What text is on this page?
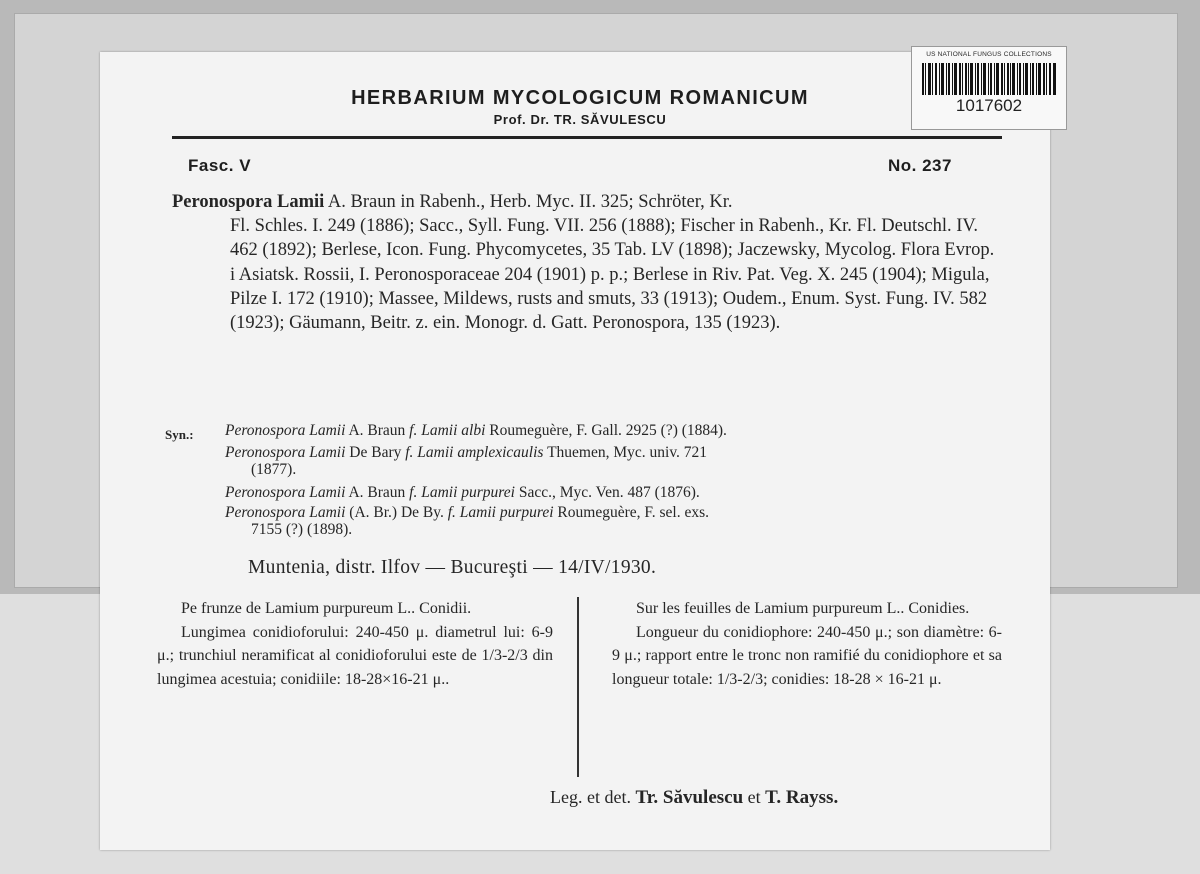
HERBARIUM MYCOLOGICUM ROMANICUM
Prof. Dr. TR. SĂVULESCU
Fasc. V	No. 237
Peronospora Lamii A. Braun in Rabenh., Herb. Myc. II. 325; Schröter, Kr.
Fl. Schles. I. 249 (1886); Sacc., Syll. Fung. VII. 256 (1888); Fischer in Rabenh., Kr. Fl. Deutschl. IV. 462 (1892); Berlese, Icon. Fung. Phycomycetes, 35 Tab. LV (1898); Jaczewsky, Mycolog. Flora Evrop. i Asiatsk. Rossii, I. Peronosporaceae 204 (1901) p. p.; Berlese in Riv. Pat. Veg. X. 245 (1904); Migula, Pilze I. 172 (1910); Massee, Mildews, rusts and smuts, 33 (1913); Oudem., Enum. Syst. Fung. IV. 582 (1923); Gäumann, Beitr. z. ein. Monogr. d. Gatt. Peronospora, 135 (1923).
Syn.: Peronospora Lamii A. Braun f. Lamii albi Roumeguère, F. Gall. 2925 (?) (1884).
Peronospora Lamii De Bary f. Lamii amplexicaulis Thuemen, Myc. univ. 721
(1877).
Peronospora Lamii A. Braun f. Lamii purpurei Sacc., Myc. Ven. 487 (1876).
Peronospora Lamii (A. Br.) De By. f. Lamii purpurei Roumeguère, F. sel. exs.
7155 (?) (1898).
Muntenia, distr. Ilfov — Bucureşti — 14/IV/1930.

Pe frunze de Lamium purpureum L.. Conidii.

Lungimea conidioforului: 240-450 μ. diametrul lui: 6-9 μ.; trunchiul neramificat al conidioforului este de 1/3-2/3 din lungimea acestuia; conidiile: 18-28×16-21 μ..

Sur les feuilles de Lamium purpureum L.. Conidies.

Longueur du conidiophore: 240-450 μ.; son diamètre: 6-9 μ.; rapport entre le tronc non ramifié du conidiophore et sa longueur totale: 1/3-2/3; conidies: 18-28 × 16-21 μ.

Leg. et det. Tr. Săvulescu et T. Rayss.
US NATIONAL FUNGUS COLLECTIONS
1017602
